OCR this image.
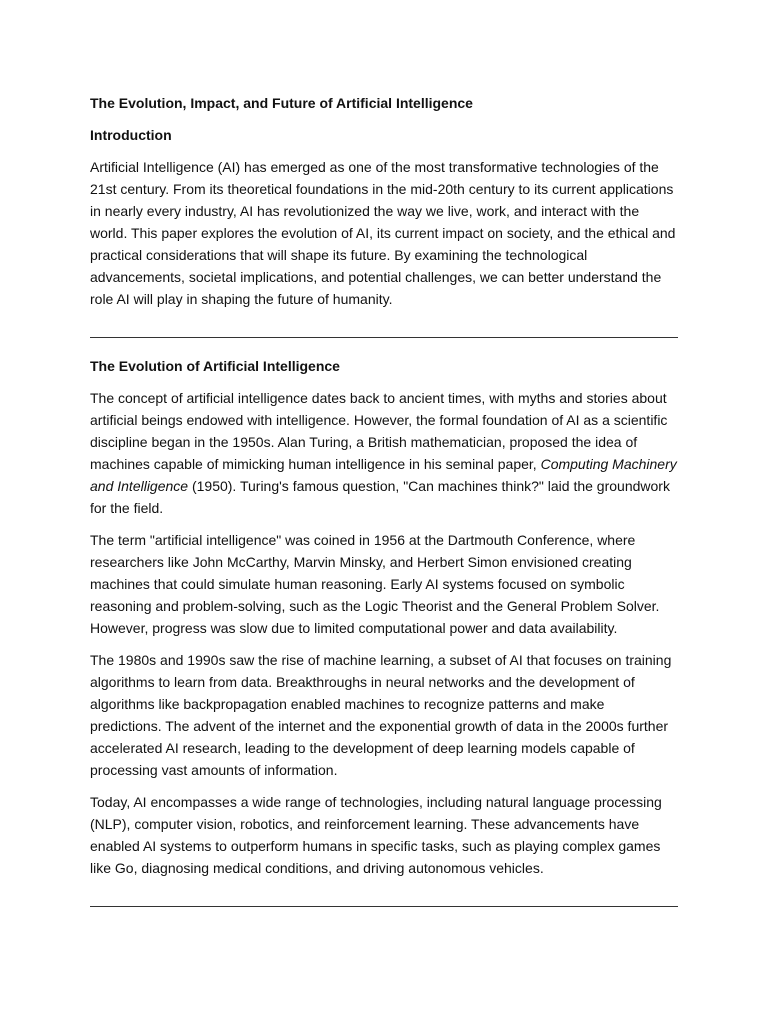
The Evolution, Impact, and Future of Artificial Intelligence
Introduction

Artificial Intelligence (AI) has emerged as one of the most transformative technologies of the 21st century. From its theoretical foundations in the mid-20th century to its current applications in nearly every industry, AI has revolutionized the way we live, work, and interact with the world. This paper explores the evolution of AI, its current impact on society, and the ethical and practical considerations that will shape its future. By examining the technological advancements, societal implications, and potential challenges, we can better understand the role AI will play in shaping the future of humanity.

The Evolution of Artificial Intelligence

The concept of artificial intelligence dates back to ancient times, with myths and stories about artificial beings endowed with intelligence. However, the formal foundation of AI as a scientific discipline began in the 1950s. Alan Turing, a British mathematician, proposed the idea of machines capable of mimicking human intelligence in his seminal paper, Computing Machinery and Intelligence (1950). Turing's famous question, "Can machines think?" laid the groundwork for the field.

The term "artificial intelligence" was coined in 1956 at the Dartmouth Conference, where researchers like John McCarthy, Marvin Minsky, and Herbert Simon envisioned creating machines that could simulate human reasoning. Early AI systems focused on symbolic reasoning and problem-solving, such as the Logic Theorist and the General Problem Solver. However, progress was slow due to limited computational power and data availability.

The 1980s and 1990s saw the rise of machine learning, a subset of AI that focuses on training algorithms to learn from data. Breakthroughs in neural networks and the development of algorithms like backpropagation enabled machines to recognize patterns and make predictions. The advent of the internet and the exponential growth of data in the 2000s further accelerated AI research, leading to the development of deep learning models capable of processing vast amounts of information.

Today, AI encompasses a wide range of technologies, including natural language processing (NLP), computer vision, robotics, and reinforcement learning. These advancements have enabled AI systems to outperform humans in specific tasks, such as playing complex games like Go, diagnosing medical conditions, and driving autonomous vehicles.
